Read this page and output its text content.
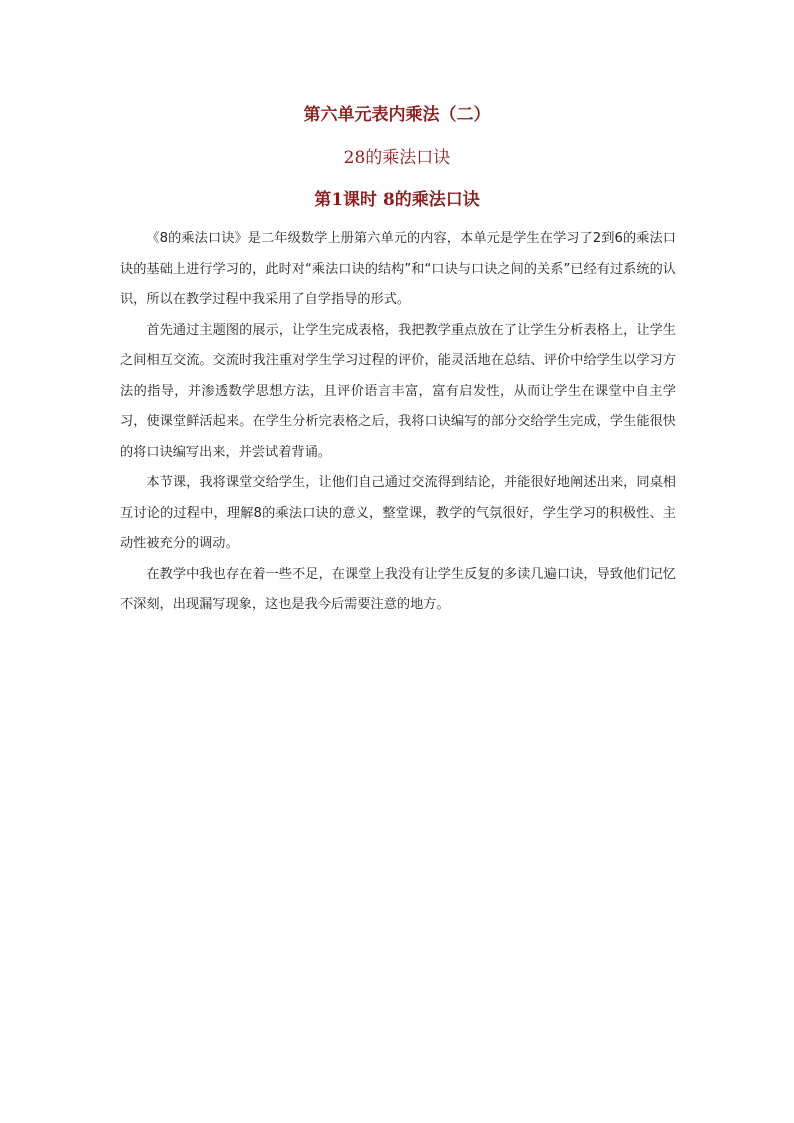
第六单元表内乘法（二）
28的乘法口诀
第1课时 8的乘法口诀

《8的乘法口诀》是二年级数学上册第六单元的内容，本单元是学生在学习了2到6的乘法口诀的基础上进行学习的，此时对“乘法口诀的结构”和“口诀与口诀之间的关系”已经有过系统的认识，所以在教学过程中我采用了自学指导的形式。

首先通过主题图的展示，让学生完成表格，我把教学重点放在了让学生分析表格上，让学生之间相互交流。交流时我注重对学生学习过程的评价，能灵活地在总结、评价中给学生以学习方法的指导，并渗透数学思想方法，且评价语言丰富，富有启发性，从而让学生在课堂中自主学习，使课堂鲜活起来。在学生分析完表格之后，我将口诀编写的部分交给学生完成，学生能很快的将口诀编写出来，并尝试着背诵。

本节课，我将课堂交给学生，让他们自己通过交流得到结论，并能很好地阐述出来，同桌相互讨论的过程中，理解8的乘法口诀的意义，整堂课，教学的气氛很好，学生学习的积极性、主动性被充分的调动。

在教学中我也存在着一些不足，在课堂上我没有让学生反复的多读几遍口诀，导致他们记忆不深刻，出现漏写现象，这也是我今后需要注意的地方。
